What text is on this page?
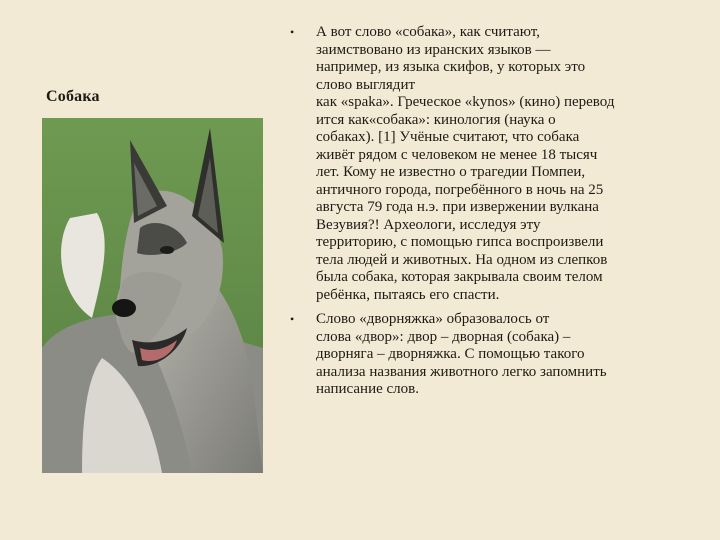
Собака
• А вот слово «собака», как считают,
заимствовано из иранских языков —
например, из языка скифов, у которых это
слово выглядит
как «spaka». Греческое «kynos» (кино) перевод
ится как«собака»: кинология (наука о
собаках). [1] Учёные считают, что собака
живёт рядом с человеком не менее 18 тысяч
лет. Кому не известно о трагедии Помпеи,
античного города, погребённого в ночь на 25
августа 79 года н.э. при извержении вулкана
Везувия?! Археологи, исследуя эту
территорию, с помощью гипса воспроизвели
тела людей и животных. На одном из слепков
была собака, которая закрывала своим телом
ребёнка, пытаясь его спасти.
• Слово «дворняжка» образовалось от
слова «двор»: двор – дворная (собака) –
дворняга – дворняжка. С помощью такого
анализа названия животного легко запомнить
написание слов.
